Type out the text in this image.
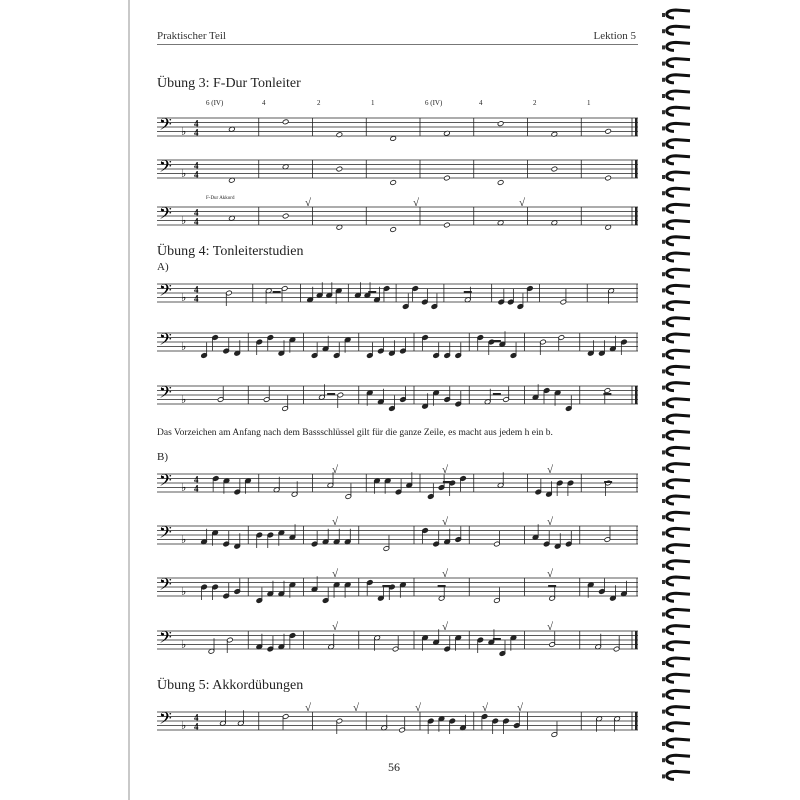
Praktischer Teil	Lektion 5
Übung 3: F-Dur Tonleiter
6 (IV)	4	2	1	6 (IV)	4	2	1
F-Dur Akkord
Übung 4: Tonleiterstudien
A)
Das Vorzeichen am Anfang nach dem Bassschlüssel gilt für die ganze Zeile, es macht aus jedem h ein b.
B)
Übung 5: Akkordübungen
56
𝄢 ♭
4
4
𝄢 ♭
4
4
𝄢 ♭
4
4
√	√	√
𝄢 ♭
4
4
𝄢 ♭
𝄢 ♭
𝄢 ♭
4
4
√	√	√
𝄢 ♭
√	√	√
𝄢 ♭
√	√	√
𝄢 ♭
√	√	√
𝄢 ♭
4
4
√	√	√	√	√
